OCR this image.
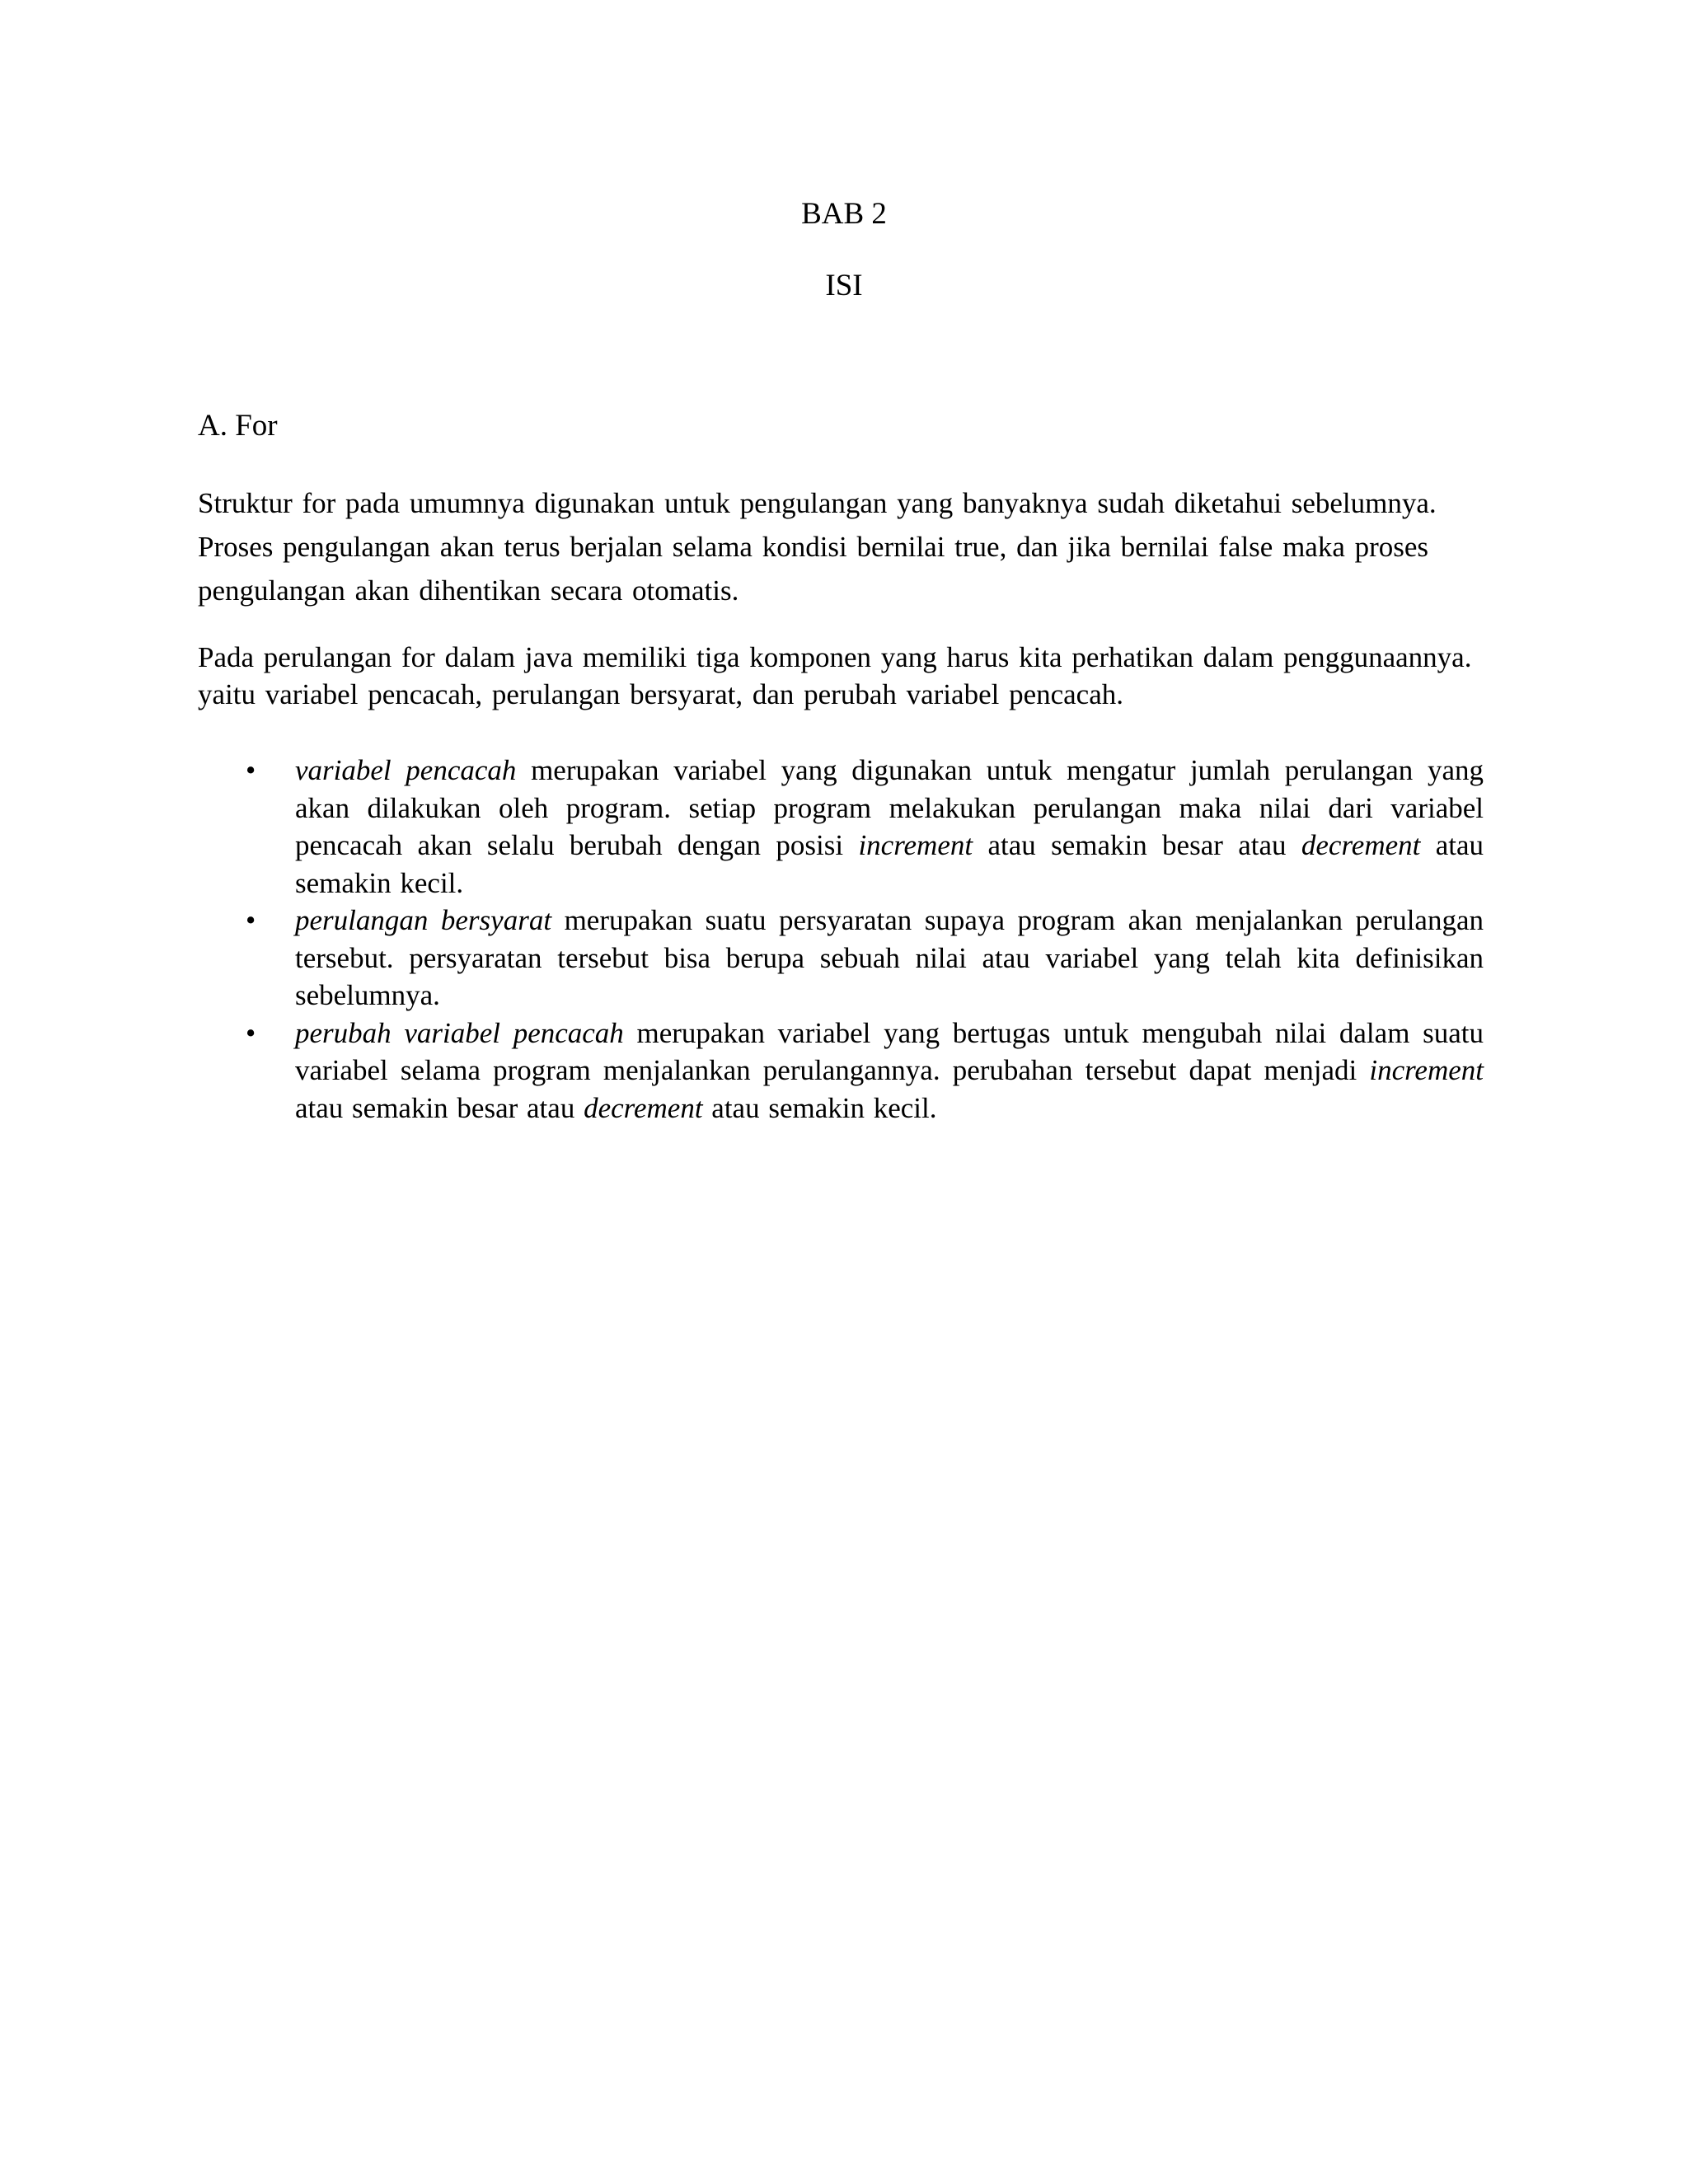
BAB 2
ISI
A. For

Struktur for pada umumnya digunakan untuk pengulangan yang banyaknya sudah diketahui sebelumnya. Proses pengulangan akan terus berjalan selama kondisi bernilai true, dan jika bernilai false maka proses pengulangan akan dihentikan secara otomatis.

Pada perulangan for dalam java memiliki tiga komponen yang harus kita perhatikan dalam penggunaannya. yaitu variabel pencacah, perulangan bersyarat, dan perubah variabel pencacah.

• variabel pencacah merupakan variabel yang digunakan untuk mengatur jumlah perulangan yang akan dilakukan oleh program. setiap program melakukan perulangan maka nilai dari variabel pencacah akan selalu berubah dengan posisi increment atau semakin besar atau decrement atau semakin kecil.
• perulangan bersyarat merupakan suatu persyaratan supaya program akan menjalankan perulangan tersebut. persyaratan tersebut bisa berupa sebuah nilai atau variabel yang telah kita definisikan sebelumnya.
• perubah variabel pencacah merupakan variabel yang bertugas untuk mengubah nilai dalam suatu variabel selama program menjalankan perulangannya. perubahan tersebut dapat menjadi increment atau semakin besar atau decrement atau semakin kecil.
